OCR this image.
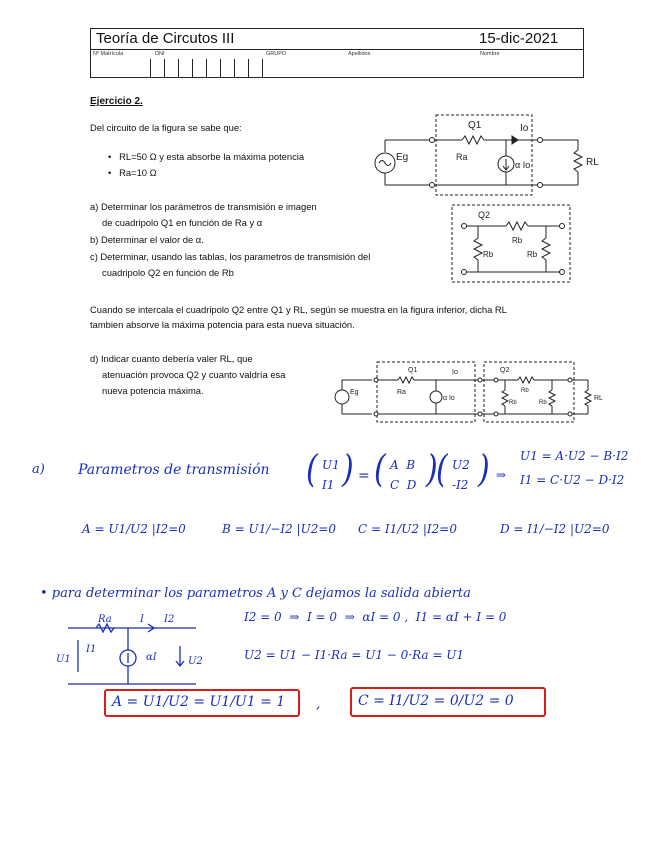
Teoría de Circutos III	15-dic-2021
Nº Matrícula	DNI	GRUPO	Apellidos	Nombre
Ejercicio 2.
Del circuito de la figura se sabe que:
•   RL=50 Ω y esta absorbe la máxima potencia
•   Ra=10 Ω
a) Determinar los parámetros de transmisión e imagen
de cuadripolo Q1 en función de Ra y α
b) Determinar el valor de α.
c) Determinar, usando las tablas, los parametros de transmisión del
cuadripolo Q2 en función de Rb
Cuando se intercala el cuadripolo Q2 entre Q1 y RL, según se muestra en la figura inferior, dicha RL
tambien absorve la máxima potencia para esta nueva situación.
d) Indicar cuanto debería valer RL, que
atenuación provoca Q2 y cuanto valdría esa
nueva potencia máxima.
Q1	Io
Eg	Ra
α Io	RL
Q2
Rb
Rb	Rb
Q1	Io
Eg	Ra
α Io
Q2
Rb
Rb	Rb
RL
a) Parametros de transmisión ( U1
I1 ) = ( A  B
C  D )
( U2
-I2 ) ⇒
U1 = A·U2 − B·I2
I1 = C·U2 − D·I2
A = U1/U2 |I2=0	B = U1/−I2 |U2=0 C = I1/U2 |I2=0	D = I1/−I2 |U2=0
• para determinar los parametros A y C dejamos la salida abierta
I2 = 0  ⇒  I = 0  ⇒  αI = 0 ,  I1 = αI + I = 0
U2 = U1 − I1·Ra = U1 − 0·Ra = U1
Ra	I I2
U1
I1
αI	U2
A = U1/U2 = U1/U1 = 1 ,	C = I1/U2 = 0/U2 = 0
